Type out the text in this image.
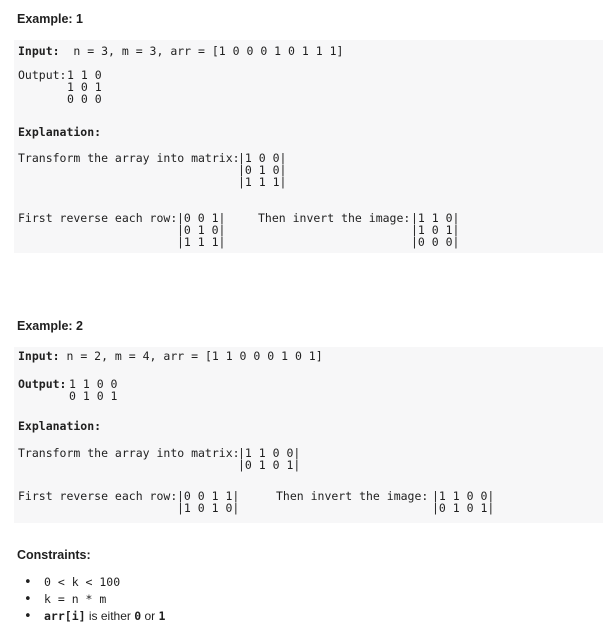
Example: 1
Input:  n = 3, m = 3, arr = [1 0 0 0 1 0 1 1 1]
Output: 1 1 0
1 0 1
0 0 0
Explanation:
Transform the array into matrix:
|1 0 0|
|0 1 0|
|1 1 1|
First reverse each row: |0 0 1|
|0 1 0|
|1 1 1|
Then invert the image: |1 1 0|
|1 0 1|
|0 0 0|
Example: 2
Input: n = 2, m = 4, arr = [1 1 0 0 0 1 0 1]
Output: 1 1 0 0
0 1 0 1
Explanation:
Transform the array into matrix:
|1 1 0 0|
|0 1 0 1|
First reverse each row: |0 0 1 1|
|1 0 1 0|
Then invert the image: |1 1 0 0|
|0 1 0 1|
Constraints:
• 0 < k < 100
• k = n * m
• arr[i] is either 0 or 1
